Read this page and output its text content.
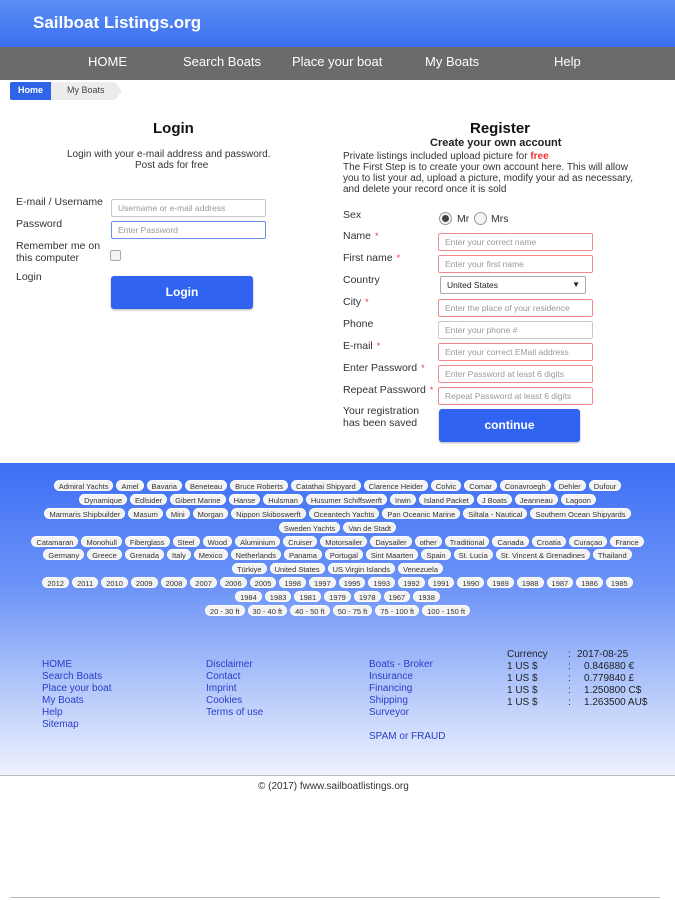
Sailboat Listings.org
HOME	Search Boats Place your boat	My Boats	Help
Home	My Boats
Login
Login with your e-mail address and password.
Post ads for free
E-mail / Username	Username or e-mail address
Password	Enter Password
Remember me on
this computer
Login
Login
Register
Create your own account
Private listings included upload picture for free
The First Step is to create your own account here. This will allow
you to list your ad, upload a picture, modify your ad as necessary,
and delete your record once it is sold
Sex	Mr Mrs
Name *
Enter your correct name
First name *
Enter your first name
Country	United States	▼
City *
Enter the place of your residence
Phone	Enter your phone #
E-mail *
Enter your correct EMail address
Enter Password *
Enter Password at least 6 digits
Repeat Password *
Repeat Password at least 6 digits
Your registration
has been saved	continue
Admiral Yachts	Amel	Bavaria	Beneteau	Bruce Roberts	Catathai Shipyard	Clarence Heider	Colvic	Comar	Conavroegh	Dehler	Dufour
Dynamique	Edlsider	Gibert Marine	Hanse	Hulsman	Husumer Schiffswerft	Irwin	Island Packet	J Boats	Jeanneau	Lagoon
Marmaris Shipbuilder	Masum	Mini	Morgan	Nippon Skiboswerft	Oceantech Yachts	Pan Oceanic Marine	Siltala - Nautical	Southern Ocean Shipyards
Sweden Yachts	Van de Stadt
Catamaran	Monohull	Fiberglass	Steel	Wood	Aluminium	Cruiser	Motorsailer	Daysailer	other	Traditional	Canada	Croatia	Curaçao	France
Germany	Greece	Grenada	Italy	Mexico	Netherlands	Panama	Portugal	Sint Maarten	Spain	St. Lucia	St. Vincent & Grenadines	Thailand
Türkiye	United States	US Virgin Islands	Venezuela
2012	2011	2010	2009	2008	2007	2006	2005	1998	1997	1995	1993	1992	1991	1990	1989	1988	1987	1986	1985
1984	1983	1981	1979	1978	1967	1938
20 - 30 ft	30 - 40 ft	40 - 50 ft	50 - 75 ft	75 - 100 ft	100 - 150 ft
HOME
Search Boats
Place your boat
My Boats
Help
Sitemap
Disclaimer
Contact
Imprint
Cookies
Terms of use
Boats - Broker
Insurance
Financing
Shipping
Surveyor
SPAM or FRAUD
Currency : 2017-08-25
1 US $	: 0.846880 €
1 US $	: 0.779840 £
1 US $	: 1.250800 C$
1 US $	: 1.263500 AU$
© (2017) fwww.sailboatlistings.org
